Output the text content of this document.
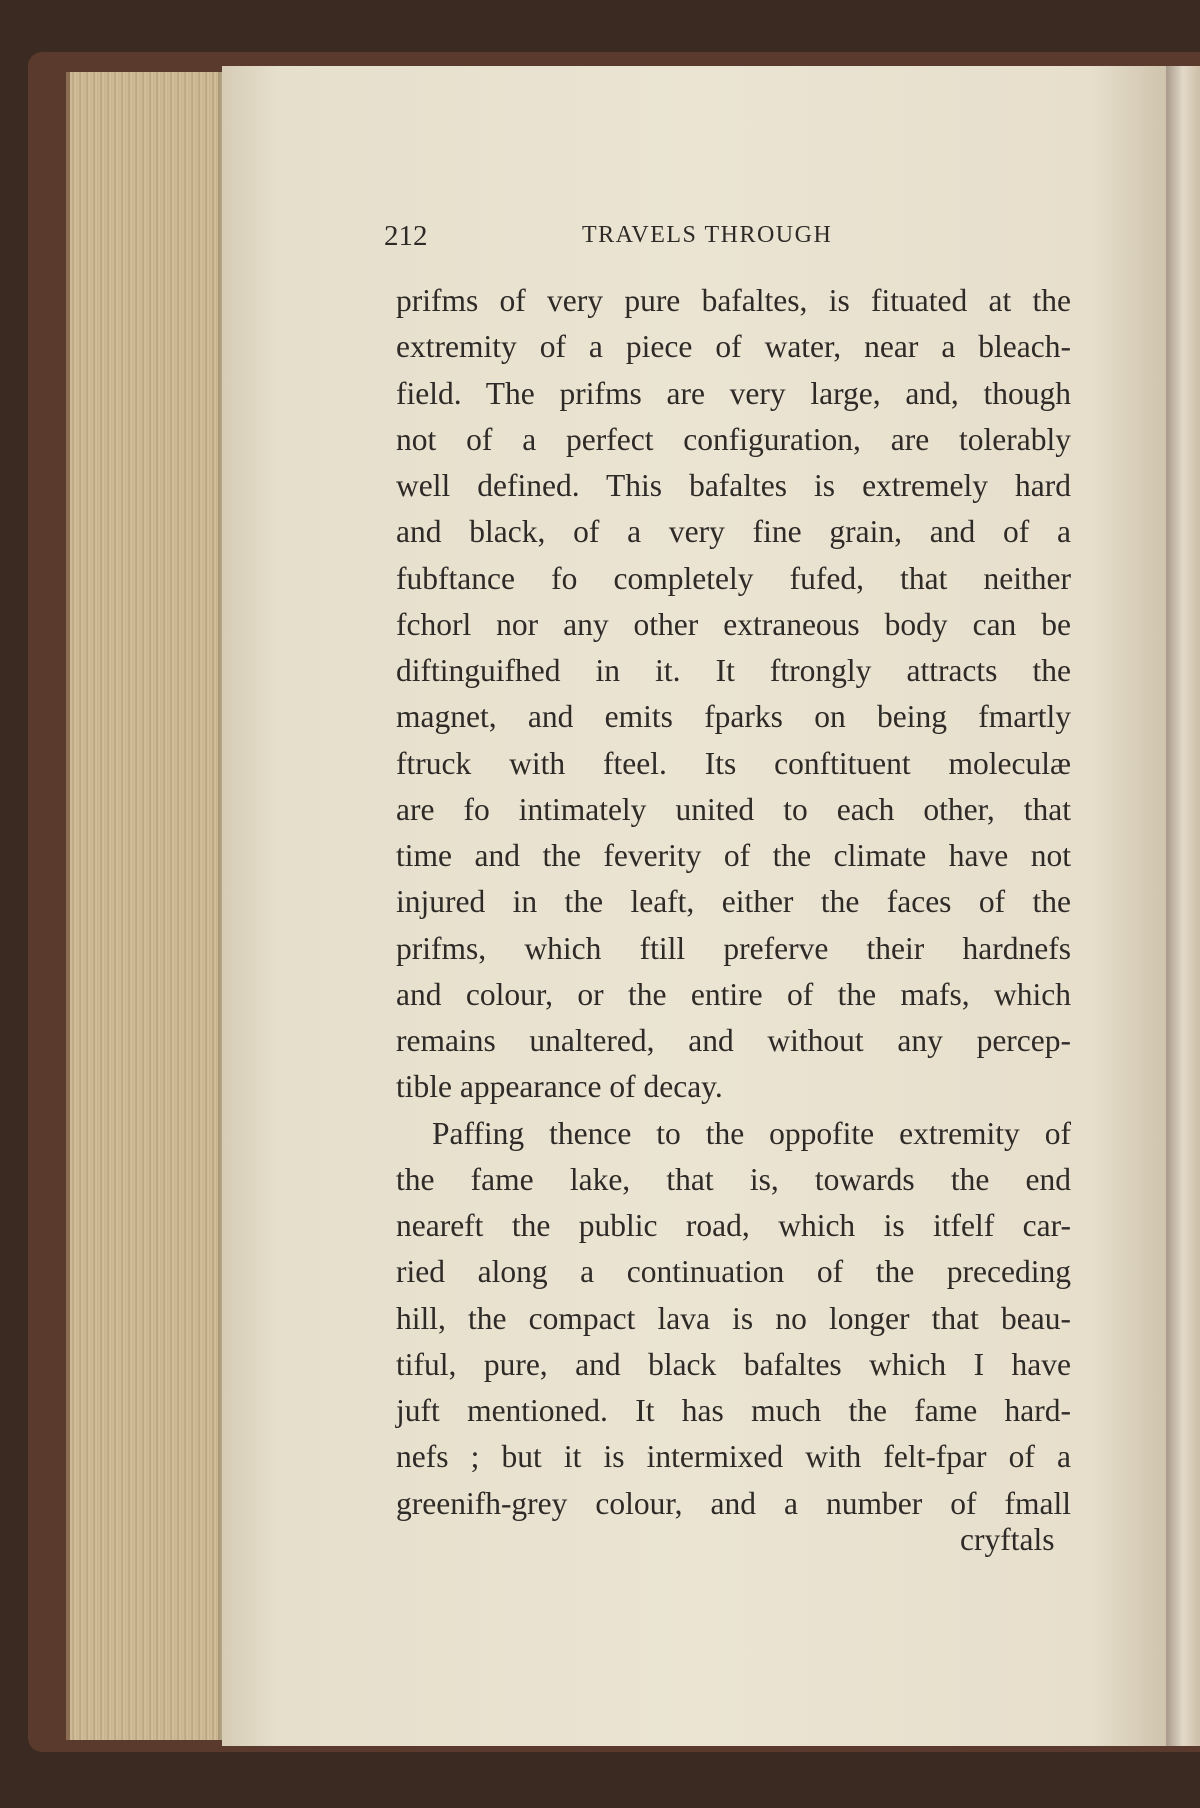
212	TRAVELS THROUGH
prifms of very pure bafaltes, is fituated at the
extremity of a piece of water, near a bleach-
field. The prifms are very large, and, though
not of a perfect configuration, are tolerably
well defined. This bafaltes is extremely hard
and black, of a very fine grain, and of a
fubftance fo completely fufed, that neither
fchorl nor any other extraneous body can be
diftinguifhed in it. It ftrongly attracts the
magnet, and emits fparks on being fmartly
ftruck with fteel. Its conftituent moleculæ
are fo intimately united to each other, that
time and the feverity of the climate have not
injured in the leaft, either the faces of the
prifms, which ftill preferve their hardnefs
and colour, or the entire of the mafs, which
remains unaltered, and without any percep-
tible appearance of decay.
Paffing thence to the oppofite extremity of
the fame lake, that is, towards the end
neareft the public road, which is itfelf car-
ried along a continuation of the preceding
hill, the compact lava is no longer that beau-
tiful, pure, and black bafaltes which I have
juft mentioned. It has much the fame hard-
nefs ; but it is intermixed with felt-fpar of a
greenifh-grey colour, and a number of fmall
cryftals
